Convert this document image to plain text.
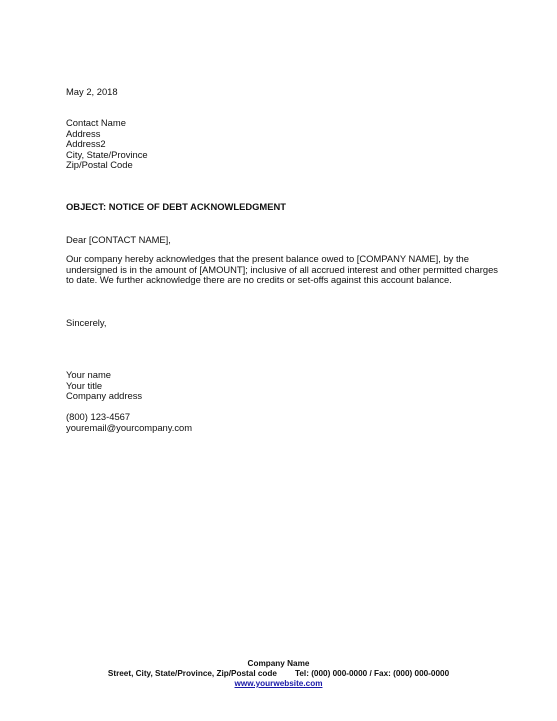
May 2, 2018
Contact Name
Address
Address2
City, State/Province
Zip/Postal Code
OBJECT: NOTICE OF DEBT ACKNOWLEDGMENT
Dear [CONTACT NAME],
Our company hereby acknowledges that the present balance owed to [COMPANY NAME], by the
undersigned is in the amount of [AMOUNT]; inclusive of all accrued interest and other permitted charges
to date. We further acknowledge there are no credits or set-offs against this account balance.
Sincerely,
Your name
Your title
Company address
(800) 123-4567
youremail@yourcompany.com
Company Name
Street, City, State/Province, Zip/Postal code Tel: (000) 000-0000 / Fax: (000) 000-0000
www.yourwebsite.com
